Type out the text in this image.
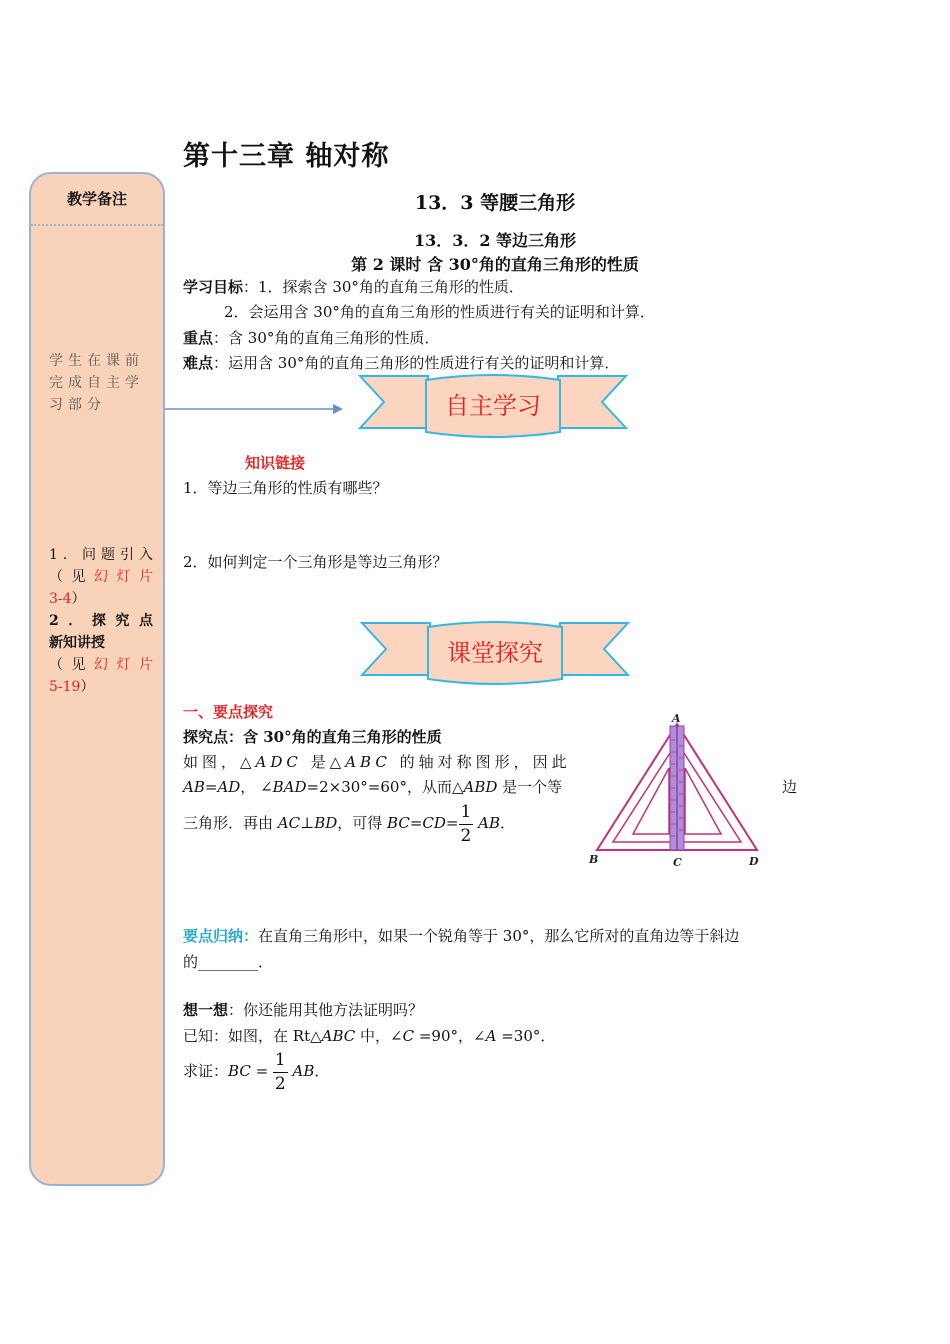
第十三章 轴对称
教学备注
学生在课前完成自主学习部分
1．问题引入
（见幻灯片
3-4）
2．探究点
新知讲授
（见幻灯片
5-19）
13．3 等腰三角形
13．3．2 等边三角形
第 2 课时 含 30°角的直角三角形的性质
学习目标：1．探索含 30°角的直角三角形的性质．
2．会运用含 30°角的直角三角形的性质进行有关的证明和计算．
重点：含 30°角的直角三角形的性质．
难点：运用含 30°角的直角三角形的性质进行有关的证明和计算．
自主学习
知识链接
1．等边三角形的性质有哪些？
2．如何判定一个三角形是等边三角形？
课堂探究
一、要点探究
探究点：含 30°角的直角三角形的性质
如图，△ADC 是△ABC 的轴对称图形，因此
AB=AD， ∠BAD=2×30°=60°，从而△ABD 是一个等	边
三角形．再由 AC⊥BD，可得 $BC=CD= \frac{1}{2}$ AB．
A
B	C	D
要点归纳：在直角三角形中，如果一个锐角等于 30°，那么它所对的直角边等于斜边
的________．
想一想：你还能用其他方法证明吗？
已知：如图，在 Rt△ABC 中，∠C =90°，∠A =30°．
求证：BC = $\frac{1}{2}$ AB．
